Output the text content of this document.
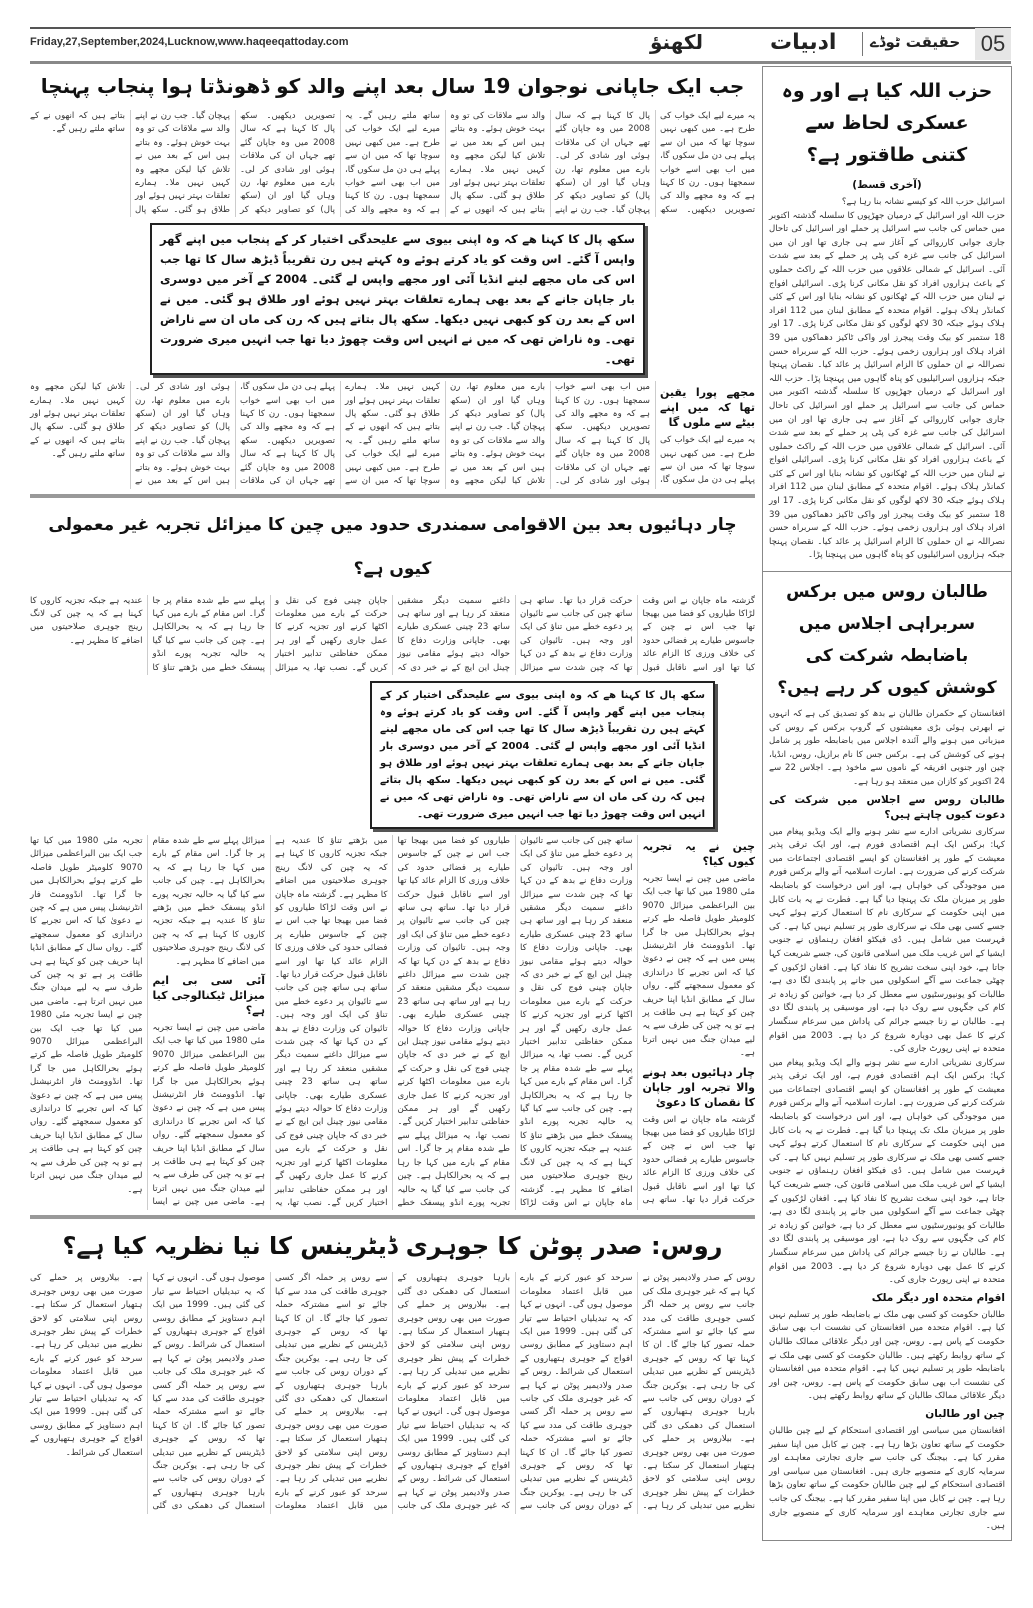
Friday,27,September,2024,Lucknow,www.haqeeqattoday.com	لکھنؤ	ادبیات حقیقت ٹوڈے 05
جب ایک جاپانی نوجوان 19 سال بعد اپنے والد کو ڈھونڈتا ہوا پنجاب پہنچا

یہ میرے لیے ایک خواب کی طرح ہے۔ میں کبھی نہیں سوچا تھا کہ میں ان سے پہلے ہی دن مل سکوں گا، میں اب بھی اسے خواب سمجھتا ہوں۔ رن کا کہنا ہے کہ وہ مجھے والد کی تصویریں دیکھیں۔ سکھ پال کا کہنا ہے کہ سال 2008 میں وہ جاپان گئے تھے جہاں ان کی ملاقات ہوئی اور شادی کر لی۔ بارے میں معلوم تھا، رن وہاں گیا اور ان (سکھ پال) کو تصاویر دیکھ کر پہچان گیا۔ جب رن نے اپنے والد سے ملاقات کی تو وہ بہت خوش ہوئے۔ وہ بتاتے ہیں اس کے بعد میں نے تلاش کیا لیکن مجھے وہ کہیں نہیں ملا۔ ہمارے تعلقات بہتر نہیں ہوئے اور طلاق ہو گئی۔ سکھ پال بتاتے ہیں کہ انھوں نے کے ساتھ ملتے رہیں گے۔ یہ میرے لیے ایک خواب کی طرح ہے۔ میں کبھی نہیں سوچا تھا کہ میں ان سے پہلے ہی دن مل سکوں گا، میں اب بھی اسے خواب سمجھتا ہوں۔ رن کا کہنا ہے کہ وہ مجھے والد کی تصویریں دیکھیں۔ سکھ پال کا کہنا ہے کہ سال 2008 میں وہ جاپان گئے تھے جہاں ان کی ملاقات ہوئی اور شادی کر لی۔ بارے میں معلوم تھا، رن وہاں گیا اور ان (سکھ پال) کو تصاویر دیکھ کر پہچان گیا۔ جب رن نے اپنے والد سے ملاقات کی تو وہ بہت خوش ہوئے۔ وہ بتاتے ہیں اس کے بعد میں نے تلاش کیا لیکن مجھے وہ کہیں نہیں ملا۔ ہمارے تعلقات بہتر نہیں ہوئے اور طلاق ہو گئی۔ سکھ پال بتاتے ہیں کہ انھوں نے کے ساتھ ملتے رہیں گے۔

سکھ پال کا کہنا ھے کہ وہ اپنی بیوی سے علیحدگی اختیار کر کے پنجاب میں اپنے گھر واپس آ گئے۔ اس وقت کو یاد کرتے ہوئے وہ کہتے ہیں رن تقریباً ڈیڑھ سال کا تھا جب اس کی ماں مجھے لینے انڈیا آئی اور مجھے واپس لے گئی۔ 2004 کے آخر میں دوسری بار جاپان جانے کے بعد بھی ہمارے تعلقات بہتر نہیں ہوئے اور طلاق ہو گئی۔ میں نے اس کے بعد رن کو کبھی نہیں دیکھا۔ سکھ پال بتاتے ہیں کہ رن کی ماں ان سے ناراض تھی۔ وہ ناراض تھی کہ میں نے انہیں اس وقت چھوڑ دیا تھا جب انہیں میری ضرورت تھی۔

مجھے پورا یقین تھا کہ میں اپنے بیٹے سے ملوں گا

یہ میرے لیے ایک خواب کی طرح ہے۔ میں کبھی نہیں سوچا تھا کہ میں ان سے پہلے ہی دن مل سکوں گا، میں اب بھی اسے خواب سمجھتا ہوں۔ رن کا کہنا ہے کہ وہ مجھے والد کی تصویریں دیکھیں۔ سکھ پال کا کہنا ہے کہ سال 2008 میں وہ جاپان گئے تھے جہاں ان کی ملاقات ہوئی اور شادی کر لی۔ بارے میں معلوم تھا، رن وہاں گیا اور ان (سکھ پال) کو تصاویر دیکھ کر پہچان گیا۔ جب رن نے اپنے والد سے ملاقات کی تو وہ بہت خوش ہوئے۔ وہ بتاتے ہیں اس کے بعد میں نے تلاش کیا لیکن مجھے وہ کہیں نہیں ملا۔ ہمارے تعلقات بہتر نہیں ہوئے اور طلاق ہو گئی۔ سکھ پال بتاتے ہیں کہ انھوں نے کے ساتھ ملتے رہیں گے۔ یہ میرے لیے ایک خواب کی طرح ہے۔ میں کبھی نہیں سوچا تھا کہ میں ان سے پہلے ہی دن مل سکوں گا، میں اب بھی اسے خواب سمجھتا ہوں۔ رن کا کہنا ہے کہ وہ مجھے والد کی تصویریں دیکھیں۔ سکھ پال کا کہنا ہے کہ سال 2008 میں وہ جاپان گئے تھے جہاں ان کی ملاقات ہوئی اور شادی کر لی۔ بارے میں معلوم تھا، رن وہاں گیا اور ان (سکھ پال) کو تصاویر دیکھ کر پہچان گیا۔ جب رن نے اپنے والد سے ملاقات کی تو وہ بہت خوش ہوئے۔ وہ بتاتے ہیں اس کے بعد میں نے تلاش کیا لیکن مجھے وہ کہیں نہیں ملا۔ ہمارے تعلقات بہتر نہیں ہوئے اور طلاق ہو گئی۔ سکھ پال بتاتے ہیں کہ انھوں نے کے ساتھ ملتے رہیں گے۔

چار دہائیوں بعد بین الاقوامی سمندری حدود میں چین کا میزائل تجربہ غیر معمولی کیوں ہے؟

گزشتہ ماہ جاپان نے اس وقت لڑاکا طیاروں کو فضا میں بھیجا تھا جب اس نے چین کے جاسوس طیارے پر فضائی حدود کی خلاف ورزی کا الزام عائد کیا تھا اور اسے ناقابل قبول حرکت قرار دیا تھا۔ ساتھ ہی ساتھ چین کی جانب سے تائیوان پر دعوے خطے میں تناؤ کی ایک اور وجہ ہیں۔ تائیوان کی وزارت دفاع نے بدھ کے دن کہا تھا کہ چین شدت سے میزائل داغنے سمیت دیگر مشقیں منعقد کر رہا ہے اور ساتھ ہی ساتھ 23 چینی عسکری طیارے بھی۔ جاپانی وزارت دفاع کا حوالہ دیتے ہوئے مقامی نیوز چینل این ایچ کے نے خبر دی کہ جاپان چینی فوج کی نقل و حرکت کے بارے میں معلومات اکٹھا کرنے اور تجزیہ کرنے کا عمل جاری رکھیں گے اور ہر ممکن حفاظتی تدابیر اختیار کریں گے۔ نصب تھا، یہ میزائل پہلے سے طے شدہ مقام پر جا گرا۔ اس مقام کے بارے میں کہا جا رہا ہے کہ یہ بحرالکاہل ہے۔ چین کی جانب سے کیا گیا یہ حالیہ تجربہ پورے انڈو پیسفک خطے میں بڑھتے تناؤ کا عندیہ ہے جبکہ تجزیہ کاروں کا کہنا ہے کہ یہ چین کی لانگ رینج جوہری صلاحیتوں میں اضافے کا مظہر ہے۔

سکھ پال کا کہنا ھے کہ وہ اپنی بیوی سے علیحدگی اختیار کر کے پنجاب میں اپنے گھر واپس آ گئے۔ اس وقت کو یاد کرتے ہوئے وہ کہتے ہیں رن تقریباً ڈیڑھ سال کا تھا جب اس کی ماں مجھے لینے انڈیا آئی اور مجھے واپس لے گئی۔ 2004 کے آخر میں دوسری بار جاپان جانے کے بعد بھی ہمارے تعلقات بہتر نہیں ہوئے اور طلاق ہو گئی۔ میں نے اس کے بعد رن کو کبھی نہیں دیکھا۔ سکھ پال بتاتے ہیں کہ رن کی ماں ان سے ناراض تھی۔ وہ ناراض تھی کہ میں نے انہیں اس وقت چھوڑ دیا تھا جب انہیں میری ضرورت تھی۔

چین نے یہ تجربہ کیوں کیا؟

ماضی میں چین نے ایسا تجربہ مئی 1980 میں کیا تھا جب ایک بین البراعظمی میزائل 9070 کلومیٹر طویل فاصلہ طے کرتے ہوئے بحرالکاہل میں جا گرا تھا۔ انڈوومنٹ فار انٹرنیشنل پیس میں ہے کہ چین نے دعویٰ کیا کہ اس تجربے کا دراندازی کو معمول سمجھتے گئے۔ رواں سال کے مطابق انڈیا اپنا حریف چین کو کہتا ہے ہی طاقت پر ہے تو یہ چین کی طرف سے یہ لیے میدان جنگ میں نہیں اترتا ہے۔

چار دہائیوں بعد ہونے والا تجربہ اور جاپان کا نقصان کا دعویٰ

گزشتہ ماہ جاپان نے اس وقت لڑاکا طیاروں کو فضا میں بھیجا تھا جب اس نے چین کے جاسوس طیارے پر فضائی حدود کی خلاف ورزی کا الزام عائد کیا تھا اور اسے ناقابل قبول حرکت قرار دیا تھا۔ ساتھ ہی ساتھ چین کی جانب سے تائیوان پر دعوے خطے میں تناؤ کی ایک اور وجہ ہیں۔ تائیوان کی وزارت دفاع نے بدھ کے دن کہا تھا کہ چین شدت سے میزائل داغنے سمیت دیگر مشقیں منعقد کر رہا ہے اور ساتھ ہی ساتھ 23 چینی عسکری طیارے بھی۔ جاپانی وزارت دفاع کا حوالہ دیتے ہوئے مقامی نیوز چینل این ایچ کے نے خبر دی کہ جاپان چینی فوج کی نقل و حرکت کے بارے میں معلومات اکٹھا کرنے اور تجزیہ کرنے کا عمل جاری رکھیں گے اور ہر ممکن حفاظتی تدابیر اختیار کریں گے۔ نصب تھا، یہ میزائل پہلے سے طے شدہ مقام پر جا گرا۔ اس مقام کے بارے میں کہا جا رہا ہے کہ یہ بحرالکاہل ہے۔ چین کی جانب سے کیا گیا یہ حالیہ تجربہ پورے انڈو پیسفک خطے میں بڑھتے تناؤ کا عندیہ ہے جبکہ تجزیہ کاروں کا کہنا ہے کہ یہ چین کی لانگ رینج جوہری صلاحیتوں میں اضافے کا مظہر ہے۔ گزشتہ ماہ جاپان نے اس وقت لڑاکا طیاروں کو فضا میں بھیجا تھا جب اس نے چین کے جاسوس طیارے پر فضائی حدود کی خلاف ورزی کا الزام عائد کیا تھا اور اسے ناقابل قبول حرکت قرار دیا تھا۔ ساتھ ہی ساتھ چین کی جانب سے تائیوان پر دعوے خطے میں تناؤ کی ایک اور وجہ ہیں۔ تائیوان کی وزارت دفاع نے بدھ کے دن کہا تھا کہ چین شدت سے میزائل داغنے سمیت دیگر مشقیں منعقد کر رہا ہے اور ساتھ ہی ساتھ 23 چینی عسکری طیارے بھی۔ جاپانی وزارت دفاع کا حوالہ دیتے ہوئے مقامی نیوز چینل این ایچ کے نے خبر دی کہ جاپان چینی فوج کی نقل و حرکت کے بارے میں معلومات اکٹھا کرنے اور تجزیہ کرنے کا عمل جاری رکھیں گے اور ہر ممکن حفاظتی تدابیر اختیار کریں گے۔ نصب تھا، یہ میزائل پہلے سے طے شدہ مقام پر جا گرا۔ اس مقام کے بارے میں کہا جا رہا ہے کہ یہ بحرالکاہل ہے۔ چین کی جانب سے کیا گیا یہ حالیہ تجربہ پورے انڈو پیسفک خطے میں بڑھتے تناؤ کا عندیہ ہے جبکہ تجزیہ کاروں کا کہنا ہے کہ یہ چین کی لانگ رینج جوہری صلاحیتوں میں اضافے کا مظہر ہے۔ گزشتہ ماہ جاپان نے اس وقت لڑاکا طیاروں کو فضا میں بھیجا تھا جب اس نے چین کے جاسوس طیارے پر فضائی حدود کی خلاف ورزی کا الزام عائد کیا تھا اور اسے ناقابل قبول حرکت قرار دیا تھا۔ ساتھ ہی ساتھ چین کی جانب سے تائیوان پر دعوے خطے میں تناؤ کی ایک اور وجہ ہیں۔ تائیوان کی وزارت دفاع نے بدھ کے دن کہا تھا کہ چین شدت سے میزائل داغنے سمیت دیگر مشقیں منعقد کر رہا ہے اور ساتھ ہی ساتھ 23 چینی عسکری طیارے بھی۔ جاپانی وزارت دفاع کا حوالہ دیتے ہوئے مقامی نیوز چینل این ایچ کے نے خبر دی کہ جاپان چینی فوج کی نقل و حرکت کے بارے میں معلومات اکٹھا کرنے اور تجزیہ کرنے کا عمل جاری رکھیں گے اور ہر ممکن حفاظتی تدابیر اختیار کریں گے۔ نصب تھا، یہ میزائل پہلے سے طے شدہ مقام پر جا گرا۔ اس مقام کے بارے میں کہا جا رہا ہے کہ یہ بحرالکاہل ہے۔ چین کی جانب سے کیا گیا یہ حالیہ تجربہ پورے انڈو پیسفک خطے میں بڑھتے تناؤ کا عندیہ ہے جبکہ تجزیہ کاروں کا کہنا ہے کہ یہ چین کی لانگ رینج جوہری صلاحیتوں میں اضافے کا مظہر ہے۔

آئی سی بی ایم میزائل ٹیکنالوجی کیا ہے؟

ماضی میں چین نے ایسا تجربہ مئی 1980 میں کیا تھا جب ایک بین البراعظمی میزائل 9070 کلومیٹر طویل فاصلہ طے کرتے ہوئے بحرالکاہل میں جا گرا تھا۔ انڈوومنٹ فار انٹرنیشنل پیس میں ہے کہ چین نے دعویٰ کیا کہ اس تجربے کا دراندازی کو معمول سمجھتے گئے۔ رواں سال کے مطابق انڈیا اپنا حریف چین کو کہتا ہے ہی طاقت پر ہے تو یہ چین کی طرف سے یہ لیے میدان جنگ میں نہیں اترتا ہے۔ ماضی میں چین نے ایسا تجربہ مئی 1980 میں کیا تھا جب ایک بین البراعظمی میزائل 9070 کلومیٹر طویل فاصلہ طے کرتے ہوئے بحرالکاہل میں جا گرا تھا۔ انڈوومنٹ فار انٹرنیشنل پیس میں ہے کہ چین نے دعویٰ کیا کہ اس تجربے کا دراندازی کو معمول سمجھتے گئے۔ رواں سال کے مطابق انڈیا اپنا حریف چین کو کہتا ہے ہی طاقت پر ہے تو یہ چین کی طرف سے یہ لیے میدان جنگ میں نہیں اترتا ہے۔ ماضی میں چین نے ایسا تجربہ مئی 1980 میں کیا تھا جب ایک بین البراعظمی میزائل 9070 کلومیٹر طویل فاصلہ طے کرتے ہوئے بحرالکاہل میں جا گرا تھا۔ انڈوومنٹ فار انٹرنیشنل پیس میں ہے کہ چین نے دعویٰ کیا کہ اس تجربے کا دراندازی کو معمول سمجھتے گئے۔ رواں سال کے مطابق انڈیا اپنا حریف چین کو کہتا ہے ہی طاقت پر ہے تو یہ چین کی طرف سے یہ لیے میدان جنگ میں نہیں اترتا ہے۔

روس: صدر پوٹن کا جوہری ڈیٹرینس کا نیا نظریہ کیا ہے؟

روس کے صدر ولادیمیر پوٹن نے کہا ہے کہ غیر جوہری ملک کی جانب سے روس پر حملہ اگر کسی جوہری طاقت کی مدد سے کیا جائے تو اسے مشترکہ حملہ تصور کیا جائے گا۔ ان کا کہنا تھا کہ روس کے جوہری ڈیٹرینس کے نظریے میں تبدیلی کی جا رہی ہے۔ یوکرین جنگ کے دوران روس کی جانب سے بارہا جوہری ہتھیاروں کے استعمال کی دھمکی دی گئی ہے۔ بیلاروس پر حملے کی صورت میں بھی روس جوہری ہتھیار استعمال کر سکتا ہے۔ روس اپنی سلامتی کو لاحق خطرات کے پیش نظر جوہری نظریے میں تبدیلی کر رہا ہے۔ سرحد کو عبور کرنے کے بارے میں قابل اعتماد معلومات موصول ہوں گی۔ انہوں نے کہا کہ یہ تبدیلیاں احتیاط سے تیار کی گئی ہیں۔ 1999 میں ایک اہم دستاویز کے مطابق روسی افواج کے جوہری ہتھیاروں کے استعمال کی شرائط۔ روس کے صدر ولادیمیر پوٹن نے کہا ہے کہ غیر جوہری ملک کی جانب سے روس پر حملہ اگر کسی جوہری طاقت کی مدد سے کیا جائے تو اسے مشترکہ حملہ تصور کیا جائے گا۔ ان کا کہنا تھا کہ روس کے جوہری ڈیٹرینس کے نظریے میں تبدیلی کی جا رہی ہے۔ یوکرین جنگ کے دوران روس کی جانب سے بارہا جوہری ہتھیاروں کے استعمال کی دھمکی دی گئی ہے۔ بیلاروس پر حملے کی صورت میں بھی روس جوہری ہتھیار استعمال کر سکتا ہے۔ روس اپنی سلامتی کو لاحق خطرات کے پیش نظر جوہری نظریے میں تبدیلی کر رہا ہے۔ سرحد کو عبور کرنے کے بارے میں قابل اعتماد معلومات موصول ہوں گی۔ انہوں نے کہا کہ یہ تبدیلیاں احتیاط سے تیار کی گئی ہیں۔ 1999 میں ایک اہم دستاویز کے مطابق روسی افواج کے جوہری ہتھیاروں کے استعمال کی شرائط۔ روس کے صدر ولادیمیر پوٹن نے کہا ہے کہ غیر جوہری ملک کی جانب سے روس پر حملہ اگر کسی جوہری طاقت کی مدد سے کیا جائے تو اسے مشترکہ حملہ تصور کیا جائے گا۔ ان کا کہنا تھا کہ روس کے جوہری ڈیٹرینس کے نظریے میں تبدیلی کی جا رہی ہے۔ یوکرین جنگ کے دوران روس کی جانب سے بارہا جوہری ہتھیاروں کے استعمال کی دھمکی دی گئی ہے۔ بیلاروس پر حملے کی صورت میں بھی روس جوہری ہتھیار استعمال کر سکتا ہے۔ روس اپنی سلامتی کو لاحق خطرات کے پیش نظر جوہری نظریے میں تبدیلی کر رہا ہے۔ سرحد کو عبور کرنے کے بارے میں قابل اعتماد معلومات موصول ہوں گی۔ انہوں نے کہا کہ یہ تبدیلیاں احتیاط سے تیار کی گئی ہیں۔ 1999 میں ایک اہم دستاویز کے مطابق روسی افواج کے جوہری ہتھیاروں کے استعمال کی شرائط۔ روس کے صدر ولادیمیر پوٹن نے کہا ہے کہ غیر جوہری ملک کی جانب سے روس پر حملہ اگر کسی جوہری طاقت کی مدد سے کیا جائے تو اسے مشترکہ حملہ تصور کیا جائے گا۔ ان کا کہنا تھا کہ روس کے جوہری ڈیٹرینس کے نظریے میں تبدیلی کی جا رہی ہے۔ یوکرین جنگ کے دوران روس کی جانب سے بارہا جوہری ہتھیاروں کے استعمال کی دھمکی دی گئی ہے۔ بیلاروس پر حملے کی صورت میں بھی روس جوہری ہتھیار استعمال کر سکتا ہے۔ روس اپنی سلامتی کو لاحق خطرات کے پیش نظر جوہری نظریے میں تبدیلی کر رہا ہے۔ سرحد کو عبور کرنے کے بارے میں قابل اعتماد معلومات موصول ہوں گی۔ انہوں نے کہا کہ یہ تبدیلیاں احتیاط سے تیار کی گئی ہیں۔ 1999 میں ایک اہم دستاویز کے مطابق روسی افواج کے جوہری ہتھیاروں کے استعمال کی شرائط۔

حزب اللہ کیا ہے اور وہ عسکری لحاظ سے کتنی طاقتور ہے؟

(آخری قسط)

اسرائیل حزب اللہ کو کیسے نشانہ بنا رہا ہے؟

حزب اللہ اور اسرائیل کے درمیان جھڑپوں کا سلسلہ گذشتہ اکتوبر میں حماس کی جانب سے اسرائیل پر حملے اور اسرائیل کی تاحال جاری جوابی کارروائی کے آغاز سے ہی جاری تھا اور ان میں اسرائیل کی جانب سے غزہ کی پٹی پر حملے کے بعد سے شدت آئی۔ اسرائیل کے شمالی علاقوں میں حزب اللہ کے راکٹ حملوں کے باعث ہزاروں افراد کو نقل مکانی کرنا پڑی۔ اسرائیلی افواج نے لبنان میں حزب اللہ کے ٹھکانوں کو نشانہ بنایا اور اس کے کئی کمانڈر ہلاک ہوئے۔ اقوام متحدہ کے مطابق لبنان میں 112 افراد ہلاک ہوئے جبکہ 30 لاکھ لوگوں کو نقل مکانی کرنا پڑی۔ 17 اور 18 ستمبر کو بیک وقت پیجرز اور واکی ٹاکیز دھماکوں میں 39 افراد ہلاک اور ہزاروں زخمی ہوئے۔ حزب اللہ کے سربراہ حسن نصراللہ نے ان حملوں کا الزام اسرائیل پر عائد کیا۔ نقصان پہنچا جبکہ ہزاروں اسرائیلیوں کو پناہ گاہوں میں پہنچنا پڑا۔ حزب اللہ اور اسرائیل کے درمیان جھڑپوں کا سلسلہ گذشتہ اکتوبر میں حماس کی جانب سے اسرائیل پر حملے اور اسرائیل کی تاحال جاری جوابی کارروائی کے آغاز سے ہی جاری تھا اور ان میں اسرائیل کی جانب سے غزہ کی پٹی پر حملے کے بعد سے شدت آئی۔ اسرائیل کے شمالی علاقوں میں حزب اللہ کے راکٹ حملوں کے باعث ہزاروں افراد کو نقل مکانی کرنا پڑی۔ اسرائیلی افواج نے لبنان میں حزب اللہ کے ٹھکانوں کو نشانہ بنایا اور اس کے کئی کمانڈر ہلاک ہوئے۔ اقوام متحدہ کے مطابق لبنان میں 112 افراد ہلاک ہوئے جبکہ 30 لاکھ لوگوں کو نقل مکانی کرنا پڑی۔ 17 اور 18 ستمبر کو بیک وقت پیجرز اور واکی ٹاکیز دھماکوں میں 39 افراد ہلاک اور ہزاروں زخمی ہوئے۔ حزب اللہ کے سربراہ حسن نصراللہ نے ان حملوں کا الزام اسرائیل پر عائد کیا۔ نقصان پہنچا جبکہ ہزاروں اسرائیلیوں کو پناہ گاہوں میں پہنچنا پڑا۔

طالبان روس میں برکس سربراہی اجلاس میں باضابطہ شرکت کی کوشش کیوں کر رہے ہیں؟

افغانستان کے حکمران طالبان نے بدھ کو تصدیق کی ہے کہ انہوں نے ابھرتی ہوئی بڑی معیشتوں کے گروپ برکس کے روس کی میزبانی میں ہونے والے آئندہ اجلاس میں باضابطہ طور پر شامل ہونے کی کوشش کی ہے۔ برکس جس کا نام برازیل، روس، انڈیا، چین اور جنوبی افریقہ کے ناموں سے ماخوذ ہے۔ اجلاس 22 سے 24 اکتوبر کو کازان میں منعقد ہو رہا ہے۔

طالبان روس سے اجلاس میں شرکت کی دعوت کیوں چاہتے ہیں؟

سرکاری نشریاتی ادارے سے نشر ہونے والے ایک ویڈیو پیغام میں کہا: برکس ایک اہم اقتصادی فورم ہے، اور ایک ترقی پذیر معیشت کے طور پر افغانستان کو ایسے اقتصادی اجتماعات میں شرکت کرنے کی ضرورت ہے۔ امارت اسلامیہ آنے والے برکس فورم میں موجودگی کی خواہاں ہے، اور اس درخواست کو باضابطہ طور پر میزبان ملک تک پہنچا دیا گیا ہے۔ فطرت نے یہ بات کابل میں اپنی حکومت کے سرکاری نام کا استعمال کرتے ہوئے کہی جسے کسی بھی ملک نے سرکاری طور پر تسلیم نہیں کیا ہے۔ کی فہرست میں شامل ہیں۔ ڈی فیکٹو افغان رہنماؤں نے جنوبی ایشیا کے اس غریب ملک میں اسلامی قانون کی، جسے شریعت کہا جاتا ہے، خود اپنی سخت تشریح کا نفاذ کیا ہے۔ افغان لڑکیوں کے چھٹی جماعت سے آگے اسکولوں میں جانے پر پابندی لگا دی ہے، طالبات کو یونیورسٹیوں سے معطل کر دیا ہے، خواتین کو زیادہ تر کام کی جگہوں سے روک دیا ہے، اور موسیقی پر پابندی لگا دی ہے۔ طالبان نے زنا جیسے جرائم کی پاداش میں سرعام سنگسار کرنے کا عمل بھی دوبارہ شروع کر دیا ہے۔ 2003 میں اقوام متحدہ نے اپنی رپورٹ جاری کی۔

سرکاری نشریاتی ادارے سے نشر ہونے والے ایک ویڈیو پیغام میں کہا: برکس ایک اہم اقتصادی فورم ہے، اور ایک ترقی پذیر معیشت کے طور پر افغانستان کو ایسے اقتصادی اجتماعات میں شرکت کرنے کی ضرورت ہے۔ امارت اسلامیہ آنے والے برکس فورم میں موجودگی کی خواہاں ہے، اور اس درخواست کو باضابطہ طور پر میزبان ملک تک پہنچا دیا گیا ہے۔ فطرت نے یہ بات کابل میں اپنی حکومت کے سرکاری نام کا استعمال کرتے ہوئے کہی جسے کسی بھی ملک نے سرکاری طور پر تسلیم نہیں کیا ہے۔ کی فہرست میں شامل ہیں۔ ڈی فیکٹو افغان رہنماؤں نے جنوبی ایشیا کے اس غریب ملک میں اسلامی قانون کی، جسے شریعت کہا جاتا ہے، خود اپنی سخت تشریح کا نفاذ کیا ہے۔ افغان لڑکیوں کے چھٹی جماعت سے آگے اسکولوں میں جانے پر پابندی لگا دی ہے، طالبات کو یونیورسٹیوں سے معطل کر دیا ہے، خواتین کو زیادہ تر کام کی جگہوں سے روک دیا ہے، اور موسیقی پر پابندی لگا دی ہے۔ طالبان نے زنا جیسے جرائم کی پاداش میں سرعام سنگسار کرنے کا عمل بھی دوبارہ شروع کر دیا ہے۔ 2003 میں اقوام متحدہ نے اپنی رپورٹ جاری کی۔

اقوام متحدہ اور دیگر ملک

طالبان حکومت کو کسی بھی ملک نے باضابطہ طور پر تسلیم نہیں کیا ہے۔ اقوام متحدہ میں افغانستان کی نشست اب بھی سابق حکومت کے پاس ہے۔ روس، چین اور دیگر علاقائی ممالک طالبان کے ساتھ روابط رکھتے ہیں۔ طالبان حکومت کو کسی بھی ملک نے باضابطہ طور پر تسلیم نہیں کیا ہے۔ اقوام متحدہ میں افغانستان کی نشست اب بھی سابق حکومت کے پاس ہے۔ روس، چین اور دیگر علاقائی ممالک طالبان کے ساتھ روابط رکھتے ہیں۔

چین اور طالبان

افغانستان میں سیاسی اور اقتصادی استحکام کے لیے چین طالبان حکومت کے ساتھ تعاون بڑھا رہا ہے۔ چین نے کابل میں اپنا سفیر مقرر کیا ہے۔ بیجنگ کی جانب سے جاری تجارتی معاہدے اور سرمایہ کاری کے منصوبے جاری ہیں۔ افغانستان میں سیاسی اور اقتصادی استحکام کے لیے چین طالبان حکومت کے ساتھ تعاون بڑھا رہا ہے۔ چین نے کابل میں اپنا سفیر مقرر کیا ہے۔ بیجنگ کی جانب سے جاری تجارتی معاہدے اور سرمایہ کاری کے منصوبے جاری ہیں۔
